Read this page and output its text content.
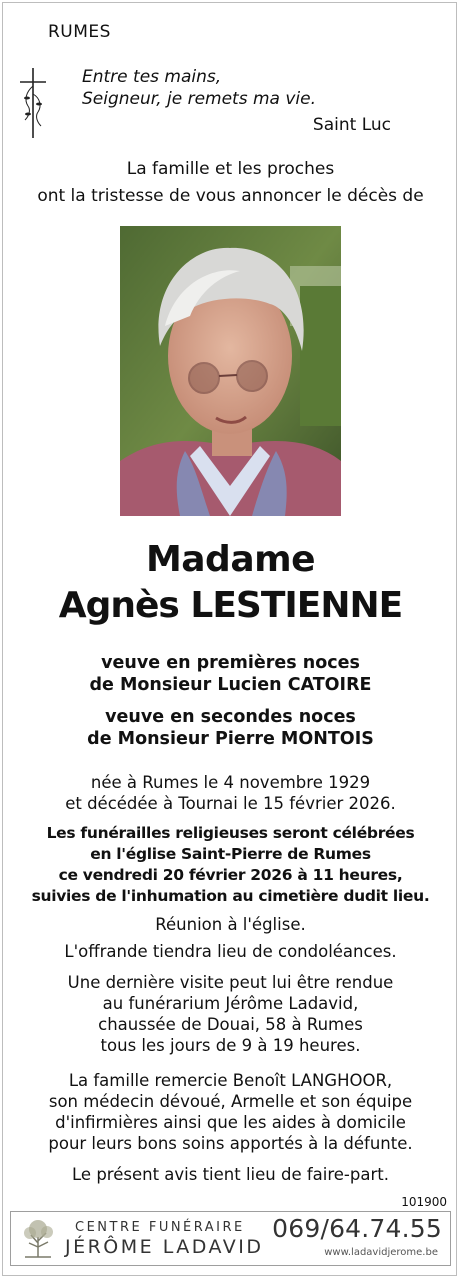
RUMES
Entre tes mains,
Seigneur, je remets ma vie.
Saint Luc
La famille et les proches
ont la tristesse de vous annoncer le décès de
Madame
Agnès LESTIENNE
veuve en premières noces
de Monsieur Lucien CATOIRE
veuve en secondes noces
de Monsieur Pierre MONTOIS
née à Rumes le 4 novembre 1929
et décédée à Tournai le 15 février 2026.
Les funérailles religieuses seront célébrées
en l'église Saint-Pierre de Rumes
ce vendredi 20 février 2026 à 11 heures,
suivies de l'inhumation au cimetière dudit lieu.
Réunion à l'église.
L'offrande tiendra lieu de condoléances.
Une dernière visite peut lui être rendue
au funérarium Jérôme Ladavid,
chaussée de Douai, 58 à Rumes
tous les jours de 9 à 19 heures.
La famille remercie Benoît LANGHOOR,
son médecin dévoué, Armelle et son équipe
d'infirmières ainsi que les aides à domicile
pour leurs bons soins apportés à la défunte.
Le présent avis tient lieu de faire-part.
101900
CENTRE FUNÉRAIRE
JÉRÔME LADAVID
069/64.74.55
www.ladavidjerome.be
